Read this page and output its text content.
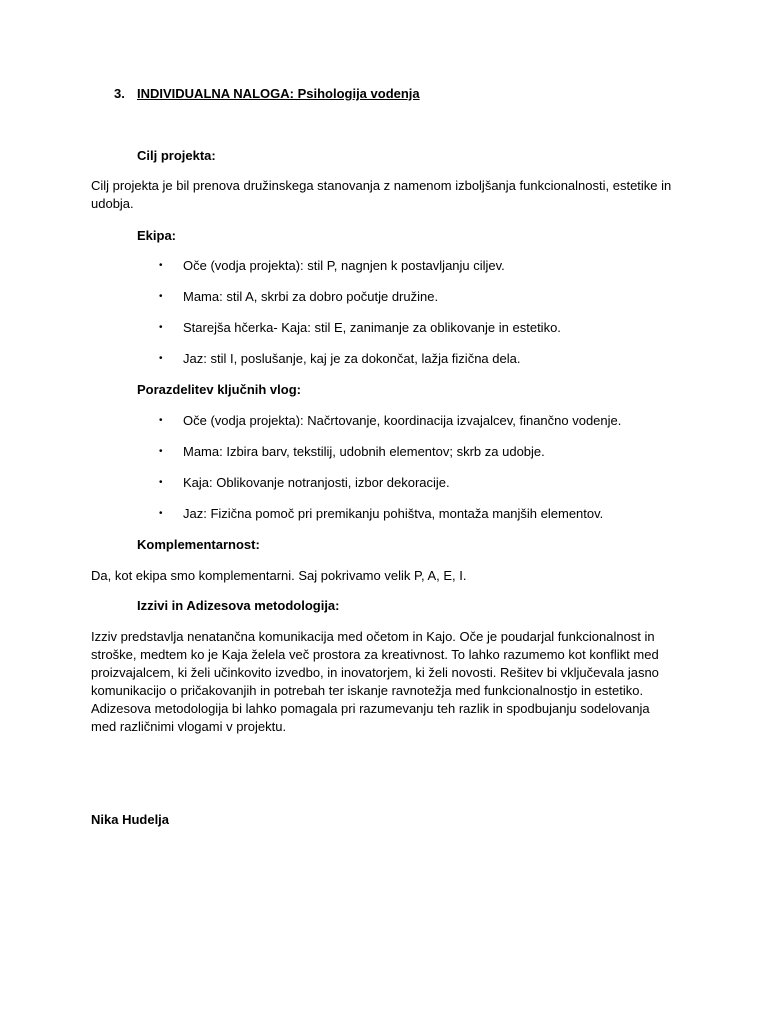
3. INDIVIDUALNA NALOGA: Psihologija vodenja
Cilj projekta:
Cilj projekta je bil prenova družinskega stanovanja z namenom izboljšanja funkcionalnosti, estetike in udobja.
Ekipa:
• Oče (vodja projekta): stil P, nagnjen k postavljanju ciljev.
• Mama: stil A, skrbi za dobro počutje družine.
• Starejša hčerka- Kaja: stil E, zanimanje za oblikovanje in estetiko.
• Jaz: stil I, poslušanje, kaj je za dokončat, lažja fizična dela.
Porazdelitev ključnih vlog:
• Oče (vodja projekta): Načrtovanje, koordinacija izvajalcev, finančno vodenje.
• Mama: Izbira barv, tekstilij, udobnih elementov; skrb za udobje.
• Kaja: Oblikovanje notranjosti, izbor dekoracije.
• Jaz: Fizična pomoč pri premikanju pohištva, montaža manjših elementov.
Komplementarnost:
Da, kot ekipa smo komplementarni. Saj pokrivamo velik P, A, E, I.
Izzivi in Adizesova metodologija:
Izziv predstavlja nenatančna komunikacija med očetom in Kajo. Oče je poudarjal funkcionalnost in stroške, medtem ko je Kaja želela več prostora za kreativnost. To lahko razumemo kot konflikt med proizvajalcem, ki želi učinkovito izvedbo, in inovatorjem, ki želi novosti. Rešitev bi vključevala jasno komunikacijo o pričakovanjih in potrebah ter iskanje ravnotežja med funkcionalnostjo in estetiko. Adizesova metodologija bi lahko pomagala pri razumevanju teh razlik in spodbujanju sodelovanja med različnimi vlogami v projektu.
Nika Hudelja
